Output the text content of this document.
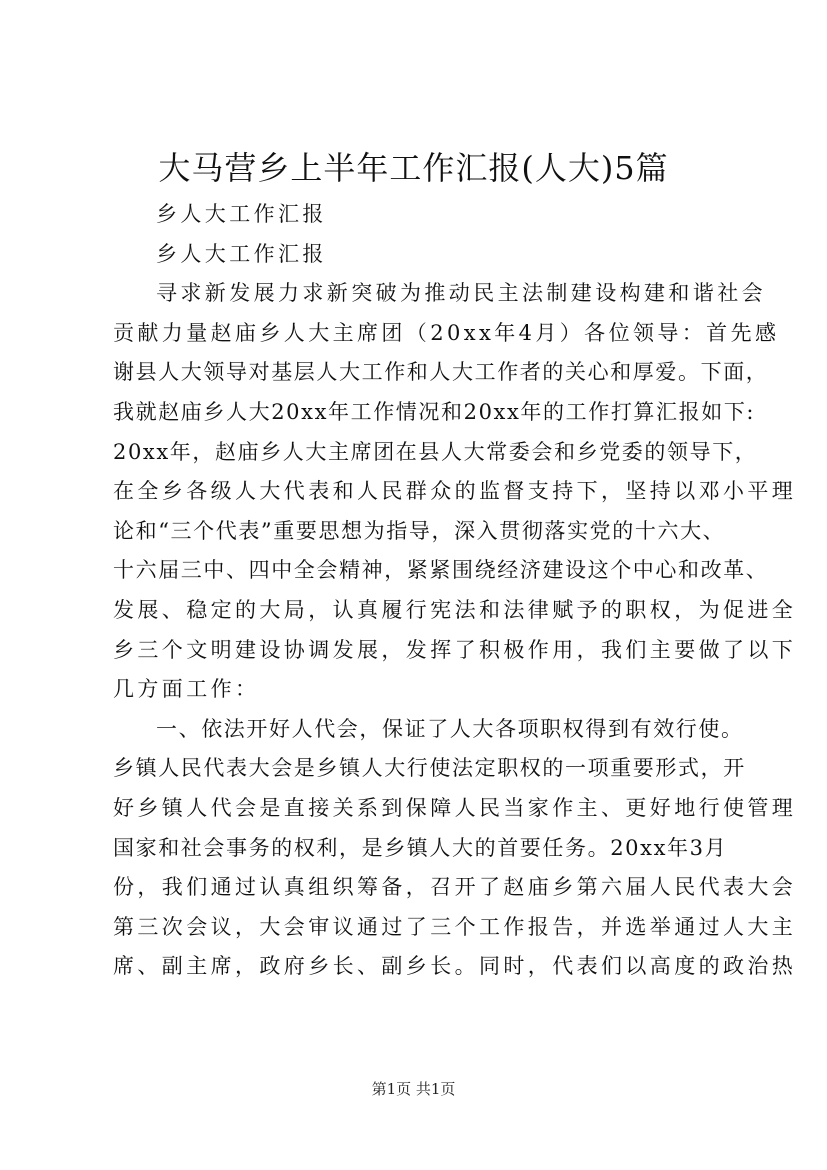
大马营乡上半年工作汇报(人大)5篇
乡人大工作汇报
乡人大工作汇报
寻求新发展力求新突破为推动民主法制建设构建和谐社会
贡献力量赵庙乡人大主席团（20xx年4月）各位领导：首先感
谢县人大领导对基层人大工作和人大工作者的关心和厚爱。下面，
我就赵庙乡人大20xx年工作情况和20xx年的工作打算汇报如下:
20xx年，赵庙乡人大主席团在县人大常委会和乡党委的领导下，
在全乡各级人大代表和人民群众的监督支持下，坚持以邓小平理
论和“三个代表”重要思想为指导，深入贯彻落实党的十六大、
十六届三中、四中全会精神，紧紧围绕经济建设这个中心和改革、
发展、稳定的大局，认真履行宪法和法律赋予的职权，为促进全
乡三个文明建设协调发展，发挥了积极作用，我们主要做了以下
几方面工作：
一、依法开好人代会，保证了人大各项职权得到有效行使。
乡镇人民代表大会是乡镇人大行使法定职权的一项重要形式，开
好乡镇人代会是直接关系到保障人民当家作主、更好地行使管理
国家和社会事务的权利，是乡镇人大的首要任务。20xx年3月
份，我们通过认真组织筹备，召开了赵庙乡第六届人民代表大会
第三次会议，大会审议通过了三个工作报告，并选举通过人大主
席、副主席，政府乡长、副乡长。同时，代表们以高度的政治热
第1页 共1页
